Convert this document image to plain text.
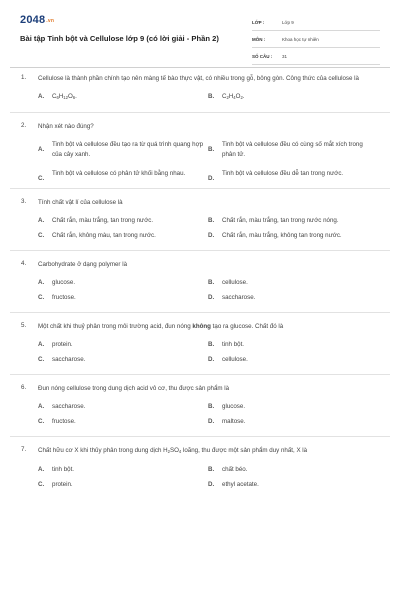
2048.vn
Bài tập Tinh bột và Cellulose lớp 9 (có lời giải - Phần 2)
LỚP :	Lớp 9
MÔN :	Khoa học tự nhiên
SỐ CÂU :	31
1. Cellulose là thành phần chính tạo nên màng tế bào thực vật, có nhiều trong gỗ, bông gòn. Công thức của cellulose là
A. $C_6H_{12}O_6$.	B. $C_2H_4O_2$.
2. Nhận xét nào đúng?
A.
Tinh bột và cellulose đều tạo ra từ quá trình quang hợp của cây xanh.
B.
Tinh bột và cellulose đều có cùng số mắt xích trong phân tử.
C.
Tinh bột và cellulose có phân tử khối bằng nhau.
D.
Tinh bột và cellulose đều dễ tan trong nước.
3. Tính chất vật lí của cellulose là
A. Chất rắn, màu trắng, tan trong nước.	B. Chất rắn, màu trắng, tan trong nước nóng.
C. Chất rắn, không màu, tan trong nước.	D. Chất rắn, màu trắng, không tan trong nước.
4. Carbohydrate ở dạng polymer là
A. glucose.	B. cellulose.
C. fructose.	D. saccharose.
5. Một chất khi thuỷ phân trong môi trường acid, đun nóng không tạo ra glucose. Chất đó là
A. protein.	B. tinh bột.
C. saccharose.	D. cellulose.
6. Đun nóng cellulose trong dung dịch acid vô cơ, thu được sản phẩm là
A. saccharose.	B. glucose.
C. fructose.	D. maltose.
7. Chất hữu cơ X khi thủy phân trong dung dịch $H_2SO_4$ loãng, thu được một sản phẩm duy nhất, X là
A. tinh bột.	B. chất béo.
C. protein.	D. ethyl acetate.
